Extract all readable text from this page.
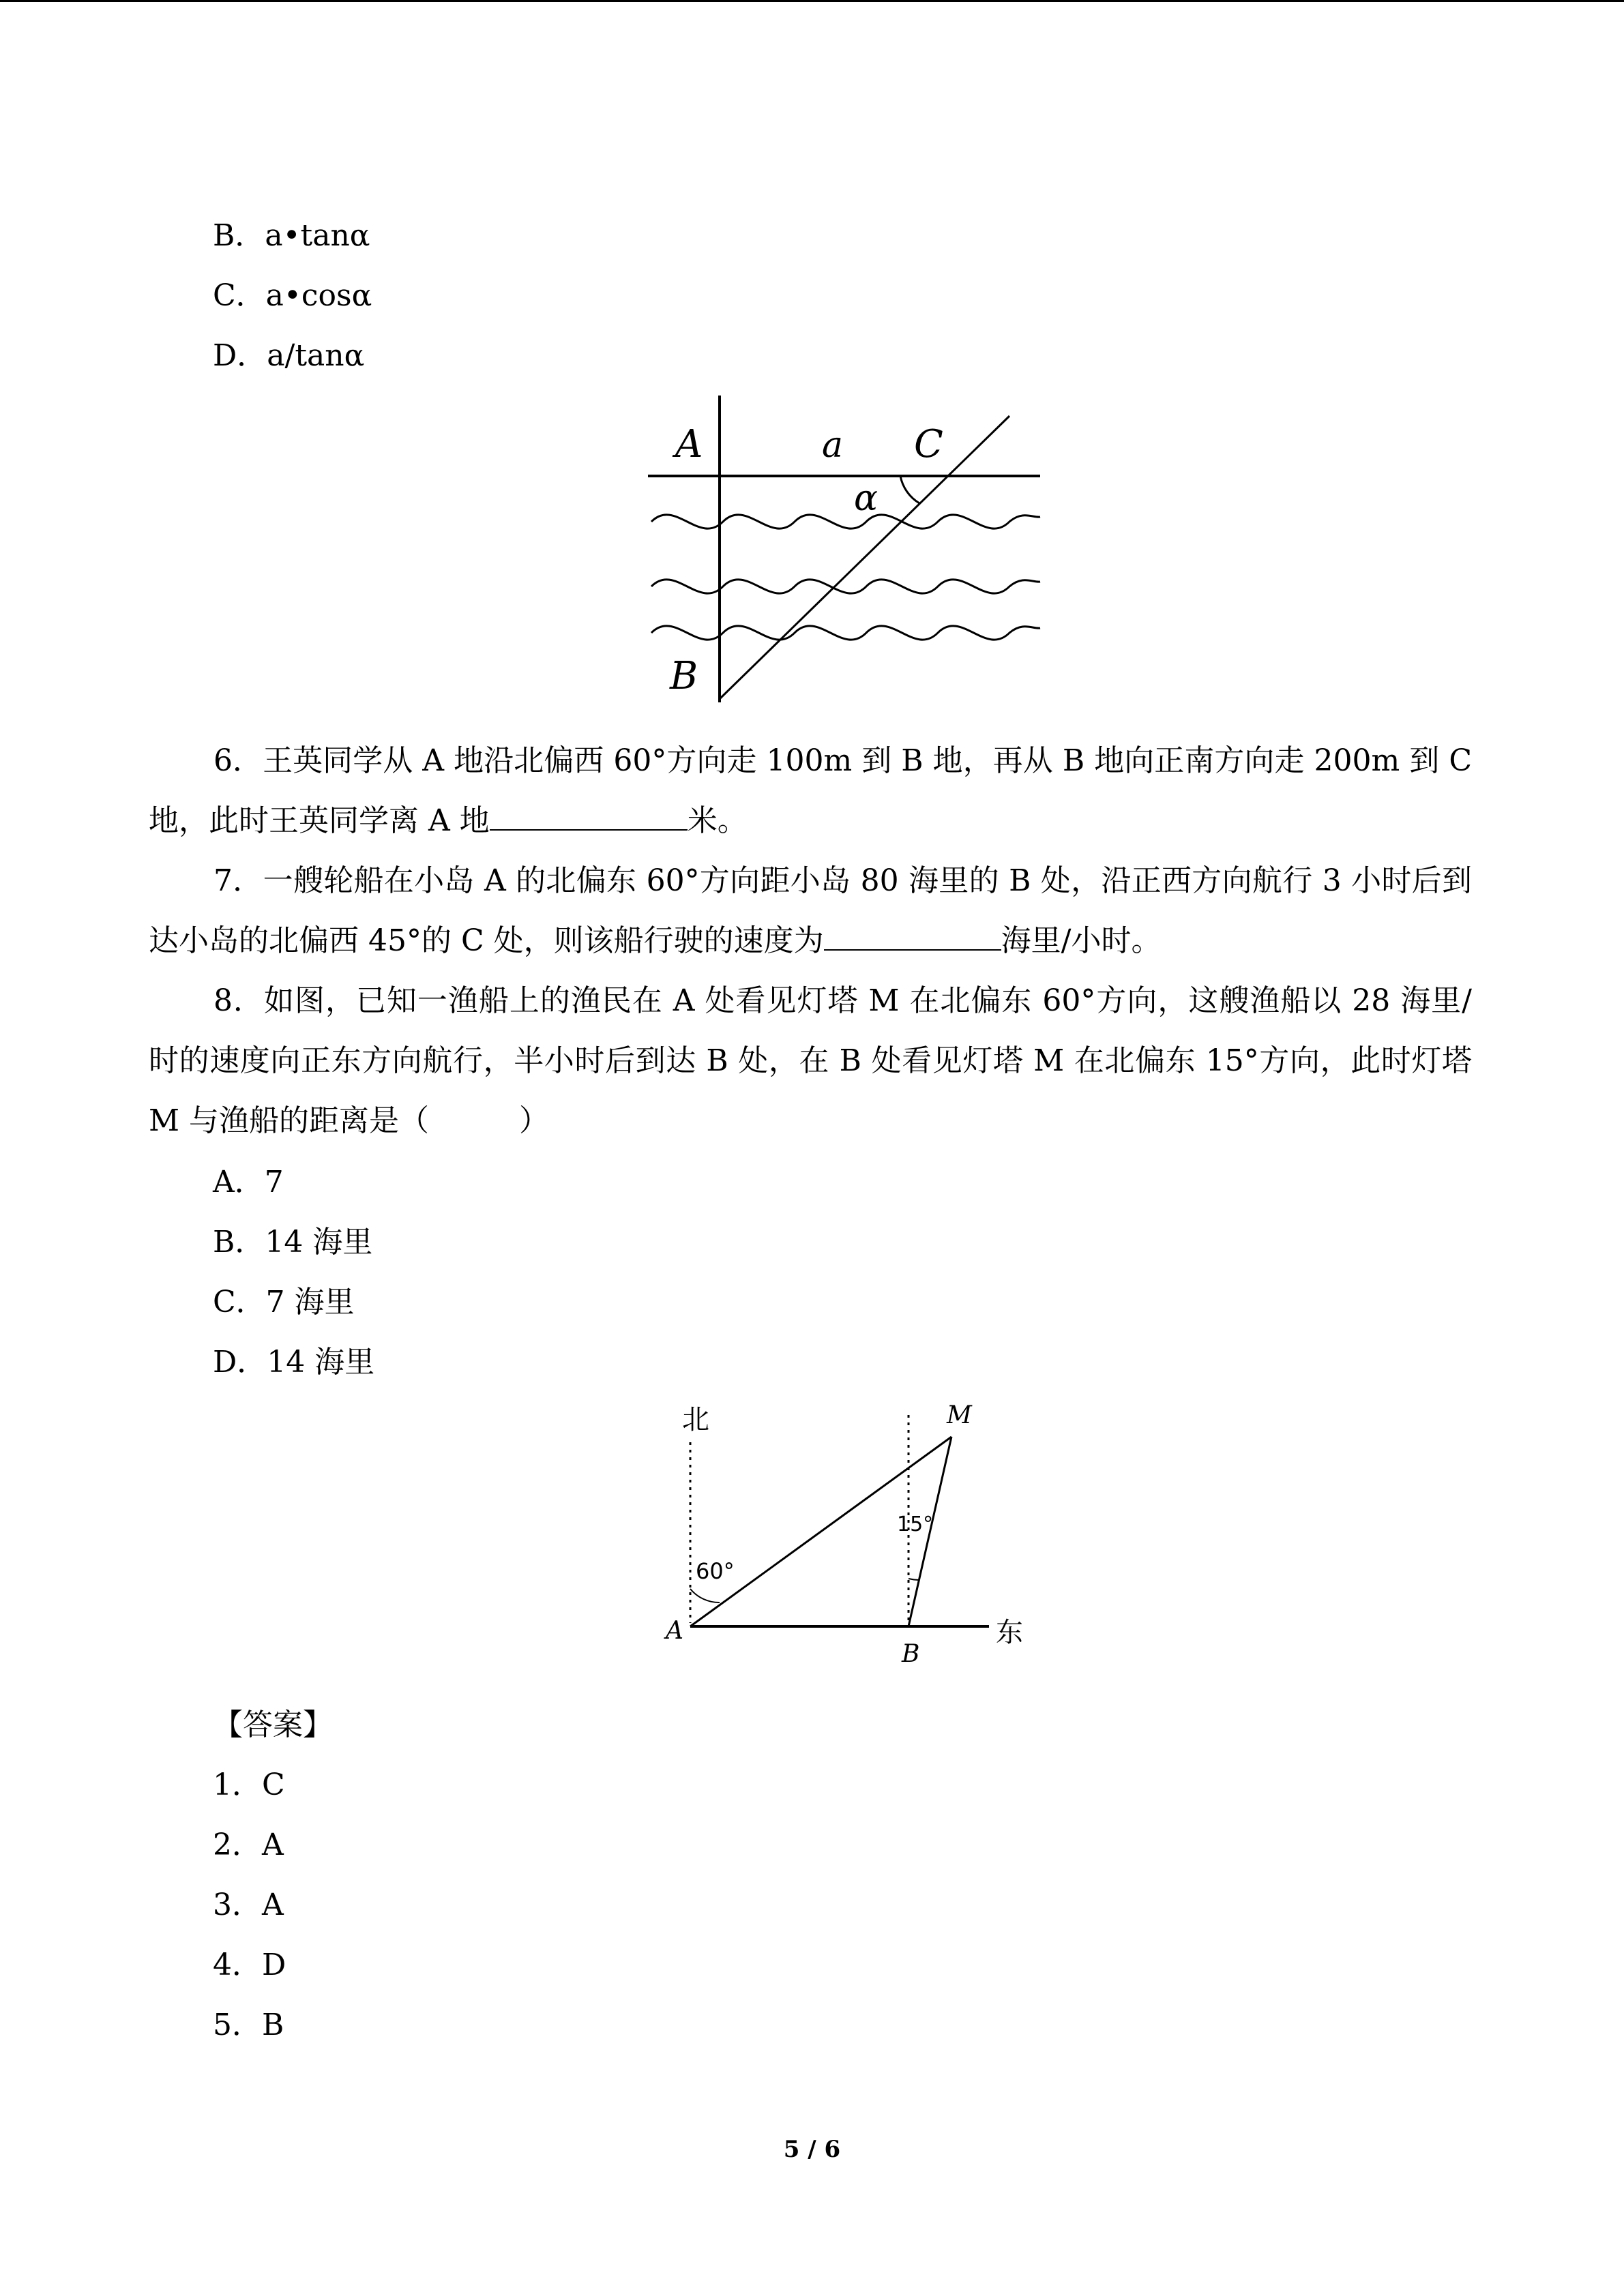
B．a•tanα
C．a•cosα
D．a/tanα
A	a C
α
B
6．王英同学从 A 地沿北偏西 60°方向走 100m 到 B 地，再从 B 地向正南方向走 200m 到 C 地，此时王英同学离 A 地	米。
7．一艘轮船在小岛 A 的北偏东 60°方向距小岛 80 海里的 B 处，沿正西方向航行 3 小时后到达小岛的北偏西 45°的 C 处，则该船行驶的速度为	海里/小时。
8．如图，已知一渔船上的渔民在 A 处看见灯塔 M 在北偏东 60°方向，这艘渔船以 28 海里/时的速度向正东方向航行，半小时后到达 B 处，在 B 处看见灯塔 M 在北偏东 15°方向，此时灯塔 M 与渔船的距离是（　　　）
A．7
B．14 海里
C．7 海里
D．14 海里
北
东
M
A
B
60°
15°
【答案】
1．C
2．A
3．A
4．D
5．B
5 / 6
